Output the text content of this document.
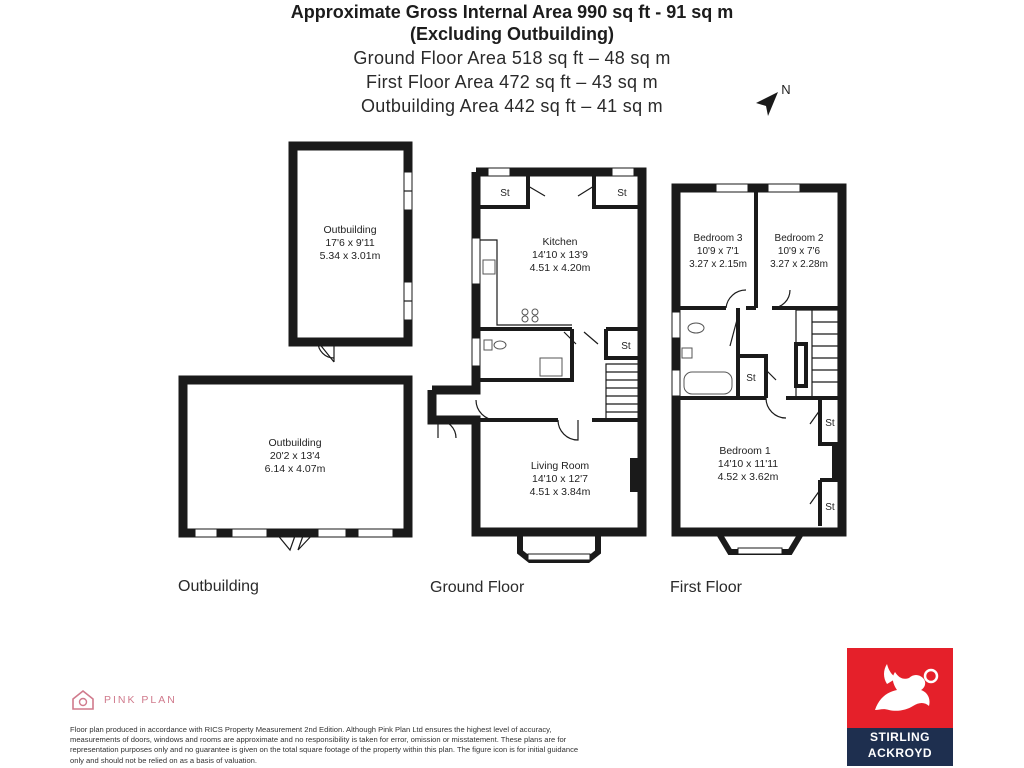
Approximate Gross Internal Area 990 sq ft - 91 sq m
(Excluding Outbuilding)
Ground Floor Area 518 sq ft – 48 sq m
First Floor Area 472 sq ft – 43 sq m
Outbuilding Area 442 sq ft – 41 sq m
N
Outbuilding
17'6 x 9'11
5.34 x 3.01m
Outbuilding
20'2 x 13'4
6.14 x 4.07m
St	St
Kitchen
14'10 x 13'9
4.51 x 4.20m
St
Living Room
14'10 x 12'7
4.51 x 3.84m
Bedroom 3
10'9 x 7'1
3.27 x 2.15m
Bedroom 2
10'9 x 7'6
3.27 x 2.28m
St
St
St
Bedroom 1
14'10 x 11'11
4.52 x 3.62m
Outbuilding	Ground Floor	First Floor
PINK PLAN
Floor plan produced in accordance with RICS Property Measurement 2nd Edition. Although Pink Plan Ltd ensures the highest level of accuracy, measurements of doors, windows and rooms are approximate and no responsibility is taken for error, omission or misstatement. These plans are for representation purposes only and no guarantee is given on the total square footage of the property within this plan. The figure icon is for initial guidance only and should not be relied on as a basis of valuation.
STIRLING
ACKROYD
